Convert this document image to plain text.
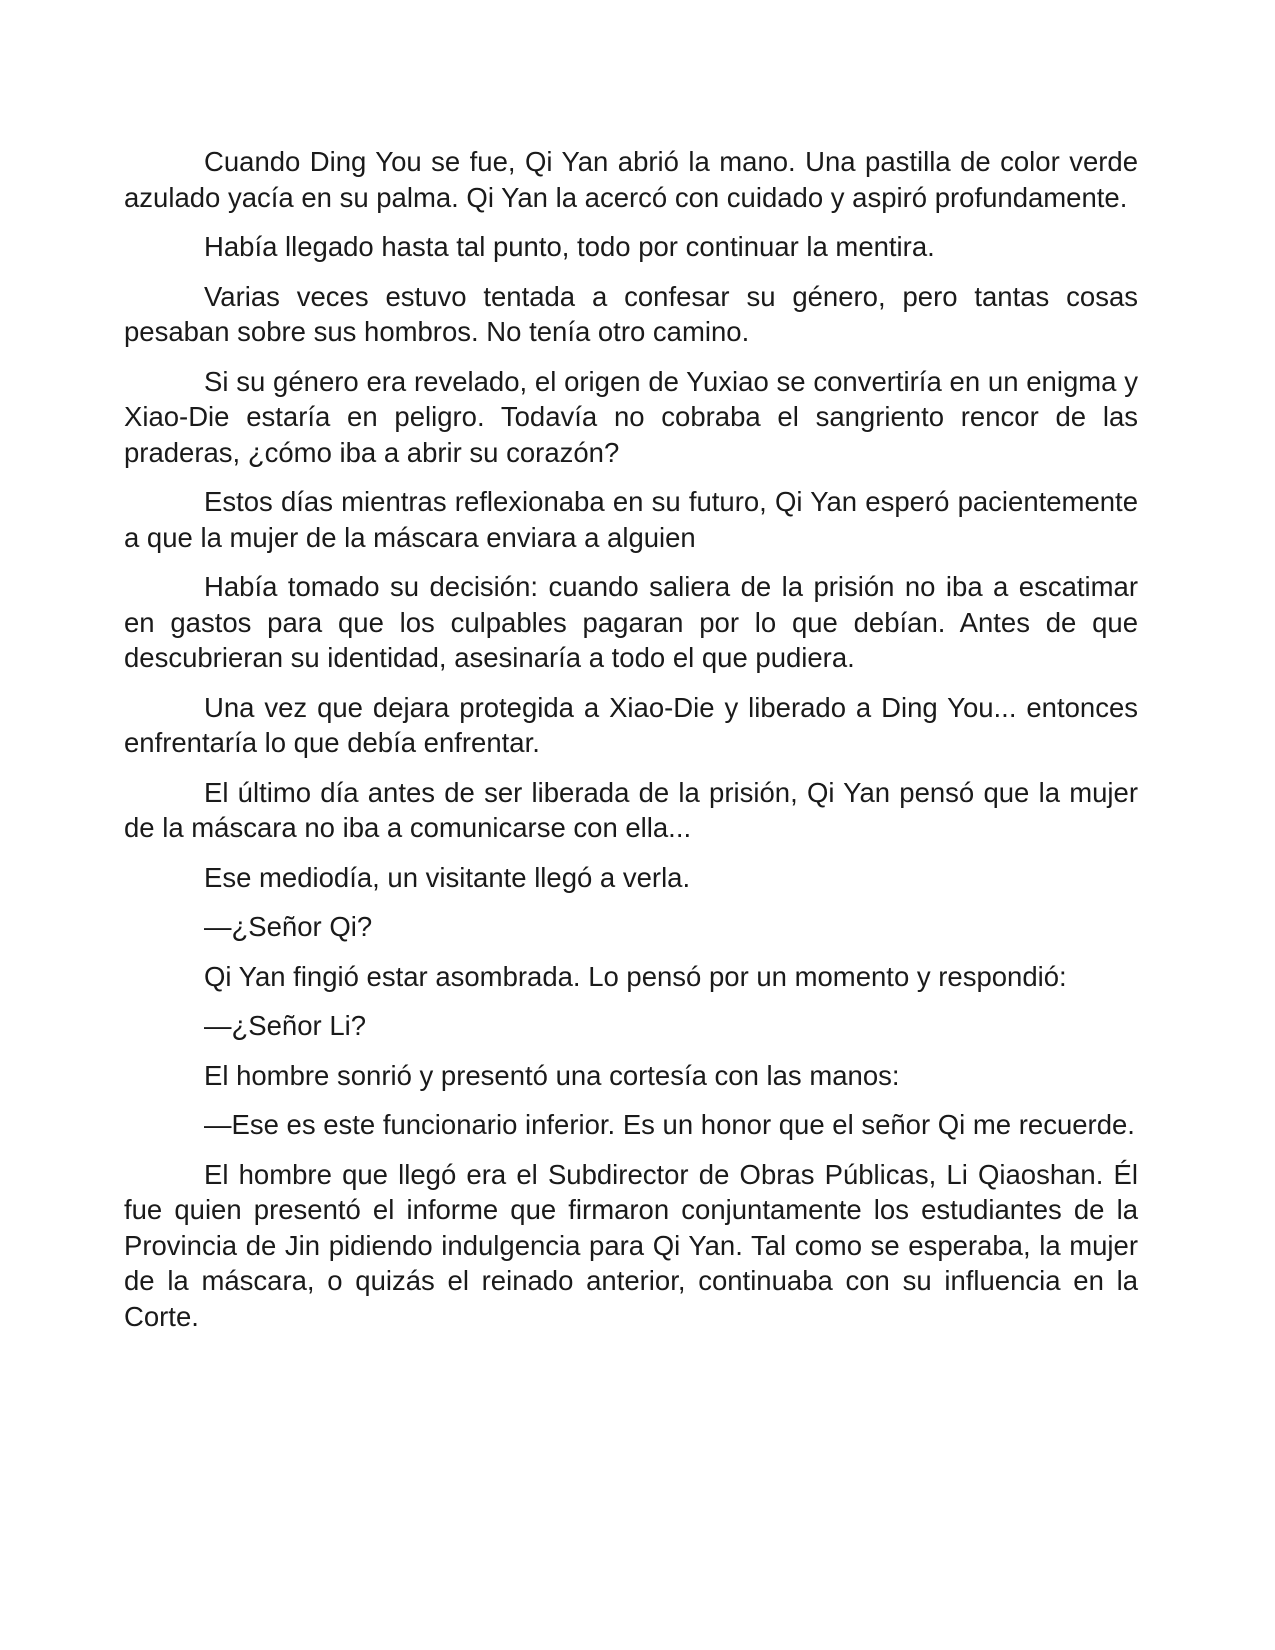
Cuando Ding You se fue, Qi Yan abrió la mano. Una pastilla de color verde azulado yacía en su palma. Qi Yan la acercó con cuidado y aspiró profundamente.

Había llegado hasta tal punto, todo por continuar la mentira.

Varias veces estuvo tentada a confesar su género, pero tantas cosas pesaban sobre sus hombros. No tenía otro camino.

Si su género era revelado, el origen de Yuxiao se convertiría en un enigma y Xiao-Die estaría en peligro. Todavía no cobraba el sangriento rencor de las praderas, ¿cómo iba a abrir su corazón?

Estos días mientras reflexionaba en su futuro, Qi Yan esperó pacientemente a que la mujer de la máscara enviara a alguien

Había tomado su decisión: cuando saliera de la prisión no iba a escatimar en gastos para que los culpables pagaran por lo que debían. Antes de que descubrieran su identidad, asesinaría a todo el que pudiera.

Una vez que dejara protegida a Xiao-Die y liberado a Ding You... entonces enfrentaría lo que debía enfrentar.

El último día antes de ser liberada de la prisión, Qi Yan pensó que la mujer de la máscara no iba a comunicarse con ella...

Ese mediodía, un visitante llegó a verla.

—¿Señor Qi?

Qi Yan fingió estar asombrada. Lo pensó por un momento y respondió:

—¿Señor Li?

El hombre sonrió y presentó una cortesía con las manos:

—Ese es este funcionario inferior. Es un honor que el señor Qi me recuerde.

El hombre que llegó era el Subdirector de Obras Públicas, Li Qiaoshan. Él fue quien presentó el informe que firmaron conjuntamente los estudiantes de la Provincia de Jin pidiendo indulgencia para Qi Yan. Tal como se esperaba, la mujer de la máscara, o quizás el reinado anterior, continuaba con su influencia en la Corte.
